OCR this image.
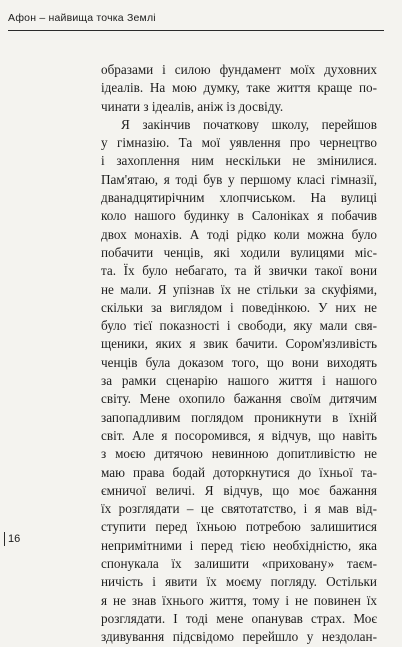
Афон – найвища точка Землі
образами і силою фундамент моїх духовних
ідеалів. На мою думку, таке життя краще по-
чинати з ідеалів, аніж із досвіду.
Я закінчив початкову школу, перейшов
у гімназію. Та мої уявлення про чернецтво
і захоплення ним нескільки не змінилися.
Пам'ятаю, я тоді був у першому класі гімназії,
дванадцятирічним хлопчиськом. На вулиці
коло нашого будинку в Салоніках я побачив
двох монахів. А тоді рідко коли можна було
побачити ченців, які ходили вулицями міс-
та. Їх було небагато, та й звички такої вони
не мали. Я упізнав їх не стільки за скуфіями,
скільки за виглядом і поведінкою. У них не
було тієї показності і свободи, яку мали свя-
щеники, яких я звик бачити. Сором'язливість
ченців була доказом того, що вони виходять
за рамки сценарію нашого життя і нашого
світу. Мене охопило бажання своїм дитячим
запопадливим поглядом проникнути в їхній
світ. Але я посоромився, я відчув, що навіть
з моєю дитячою невинною допитливістю не
маю права бодай доторкнутися до їхньої та-
ємничої величі. Я відчув, що моє бажання
їх розглядати – це святотатство, і я мав від-
ступити перед їхньою потребою залишитися
непримітними і перед тією необхідністю, яка
спонукала їх залишити «приховану» таєм-
ничість і явити їх моєму погляду. Остільки
я не знав їхнього життя, тому і не повинен їх
розглядати. І тоді мене опанував страх. Моє
здивування підсвідомо перейшло у нездолан-
16
